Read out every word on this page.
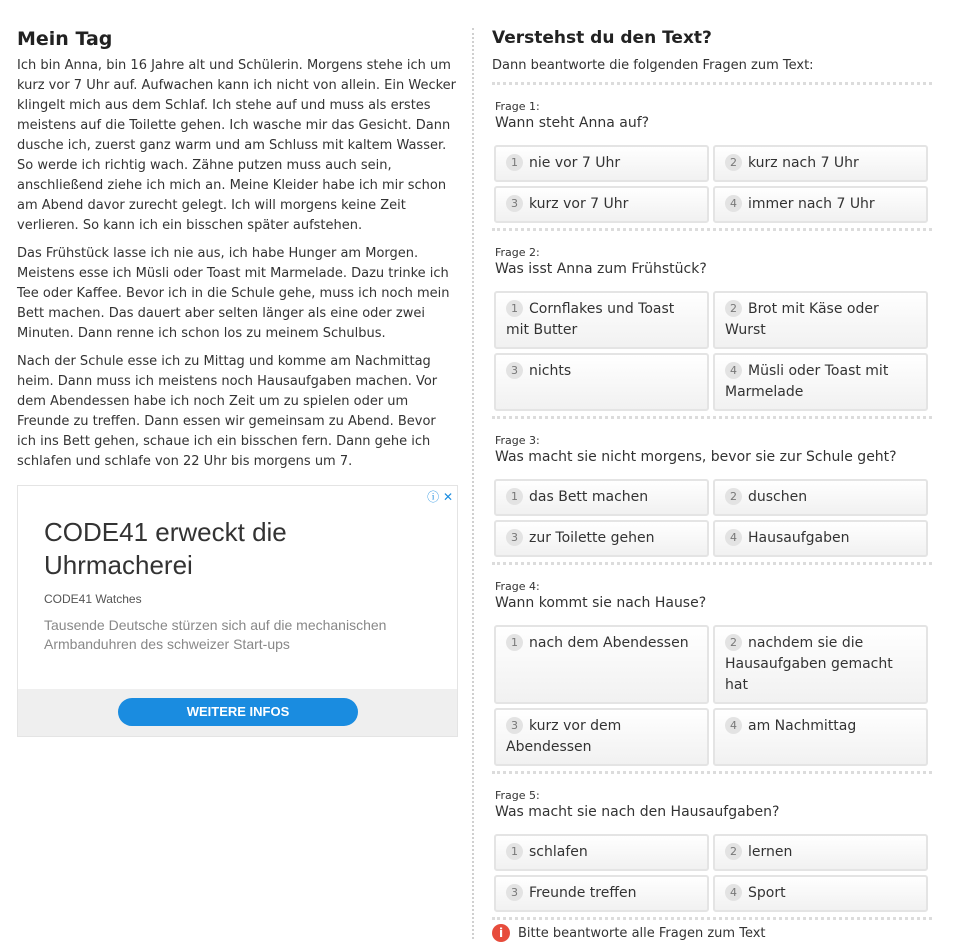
Mein Tag

Ich bin Anna, bin 16 Jahre alt und Schülerin. Morgens stehe ich um kurz vor 7 Uhr auf. Aufwachen kann ich nicht von allein. Ein Wecker klingelt mich aus dem Schlaf. Ich stehe auf und muss als erstes meistens auf die Toilette gehen. Ich wasche mir das Gesicht. Dann dusche ich, zuerst ganz warm und am Schluss mit kaltem Wasser. So werde ich richtig wach. Zähne putzen muss auch sein, anschließend ziehe ich mich an. Meine Kleider habe ich mir schon am Abend davor zurecht gelegt. Ich will morgens keine Zeit verlieren. So kann ich ein bisschen später aufstehen.

Das Frühstück lasse ich nie aus, ich habe Hunger am Morgen. Meistens esse ich Müsli oder Toast mit Marmelade. Dazu trinke ich Tee oder Kaffee. Bevor ich in die Schule gehe, muss ich noch mein Bett machen. Das dauert aber selten länger als eine oder zwei Minuten. Dann renne ich schon los zu meinem Schulbus.

Nach der Schule esse ich zu Mittag und komme am Nachmittag heim. Dann muss ich meistens noch Hausaufgaben machen. Vor dem Abendessen habe ich noch Zeit um zu spielen oder um Freunde zu treffen. Dann essen wir gemeinsam zu Abend. Bevor ich ins Bett gehen, schaue ich ein bisschen fern. Dann gehe ich schlafen und schlafe von 22 Uhr bis morgens um 7.

ⓘ ✕
CODE41 erweckt die Uhrmacherei
CODE41 Watches
Tausende Deutsche stürzen sich auf die mechanischen Armbanduhren des schweizer Start-ups
WEITERE INFOS
Verstehst du den Text?
Dann beantworte die folgenden Fragen zum Text:
Frage 1:
Wann steht Anna auf?
1 nie vor 7 Uhr	2 kurz nach 7 Uhr
3 kurz vor 7 Uhr	4 immer nach 7 Uhr
Frage 2:
Was isst Anna zum Frühstück?
1 Cornflakes und Toast mit Butter
2 Brot mit Käse oder Wurst
3 nichts	4 Müsli oder Toast mit Marmelade
Frage 3:
Was macht sie nicht morgens, bevor sie zur Schule geht?
1 das Bett machen	2 duschen
3 zur Toilette gehen	4 Hausaufgaben
Frage 4:
Wann kommt sie nach Hause?
1 nach dem Abendessen	2 nachdem sie die Hausaufgaben gemacht hat
3 kurz vor dem Abendessen
4 am Nachmittag
Frage 5:
Was macht sie nach den Hausaufgaben?
1 schlafen	2 lernen
3 Freunde treffen	4 Sport
i Bitte beantworte alle Fragen zum Text
